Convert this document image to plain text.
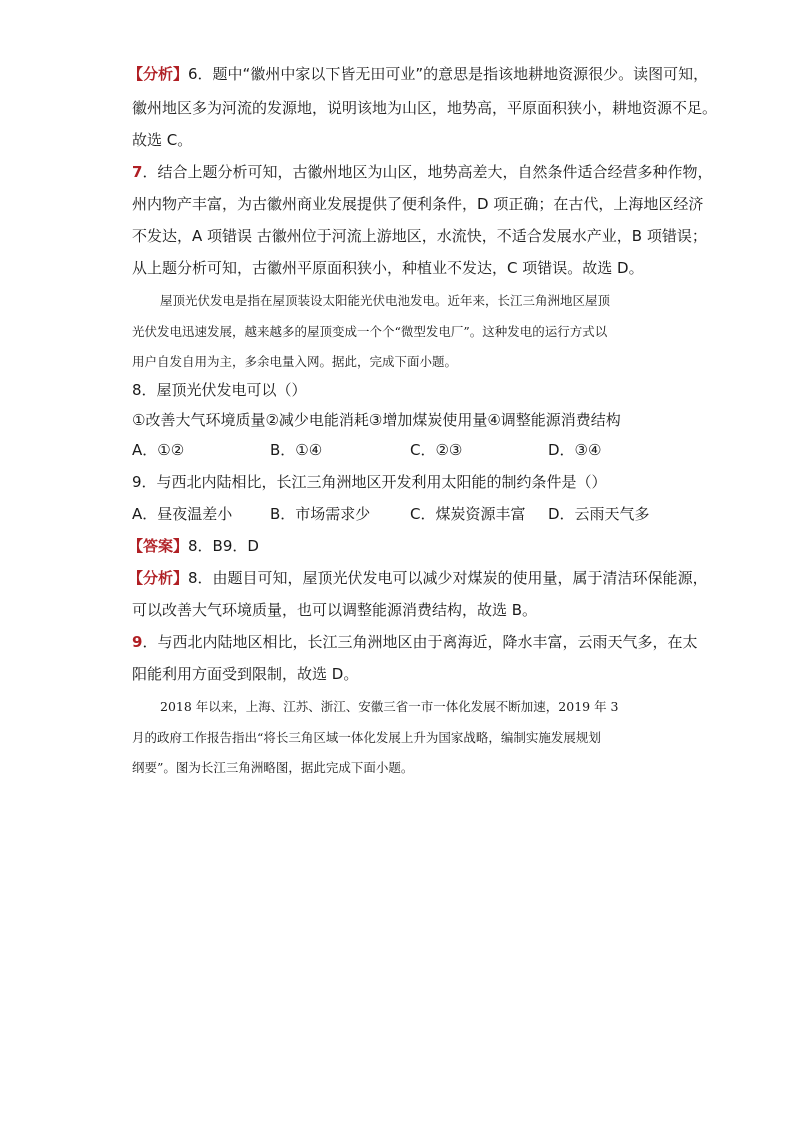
【分析】6．题中“徽州中家以下皆无田可业”的意思是指该地耕地资源很少。读图可知，
徽州地区多为河流的发源地，说明该地为山区，地势高，平原面积狭小，耕地资源不足。
故选 C。
7．结合上题分析可知，古徽州地区为山区，地势高差大，自然条件适合经营多种作物，
州内物产丰富，为古徽州商业发展提供了便利条件，D 项正确；在古代，上海地区经济
不发达，A 项错误 古徽州位于河流上游地区，水流快，不适合发展水产业，B 项错误；
从上题分析可知，古徽州平原面积狭小，种植业不发达，C 项错误。故选 D。
屋顶光伏发电是指在屋顶装设太阳能光伏电池发电。近年来，长江三角洲地区屋顶
光伏发电迅速发展，越来越多的屋顶变成一个个“微型发电厂”。这种发电的运行方式以
用户自发自用为主，多余电量入网。据此，完成下面小题。
8．屋顶光伏发电可以（）
①改善大气环境质量②减少电能消耗③增加煤炭使用量④调整能源消费结构
A．①②	B．①④	C．②③	D．③④
9．与西北内陆相比，长江三角洲地区开发利用太阳能的制约条件是（）
A．昼夜温差小	B．市场需求少	C．煤炭资源丰富 D．云雨天气多
【答案】8．B9．D
【分析】8．由题目可知，屋顶光伏发电可以减少对煤炭的使用量，属于清洁环保能源，
可以改善大气环境质量，也可以调整能源消费结构，故选 B。
9．与西北内陆地区相比，长江三角洲地区由于离海近，降水丰富，云雨天气多，在太
阳能利用方面受到限制，故选 D。
2018 年以来，上海、江苏、浙江、安徽三省一市一体化发展不断加速，2019 年 3
月的政府工作报告指出“将长三角区域一体化发展上升为国家战略，编制实施发展规划
纲要”。图为长江三角洲略图，据此完成下面小题。
